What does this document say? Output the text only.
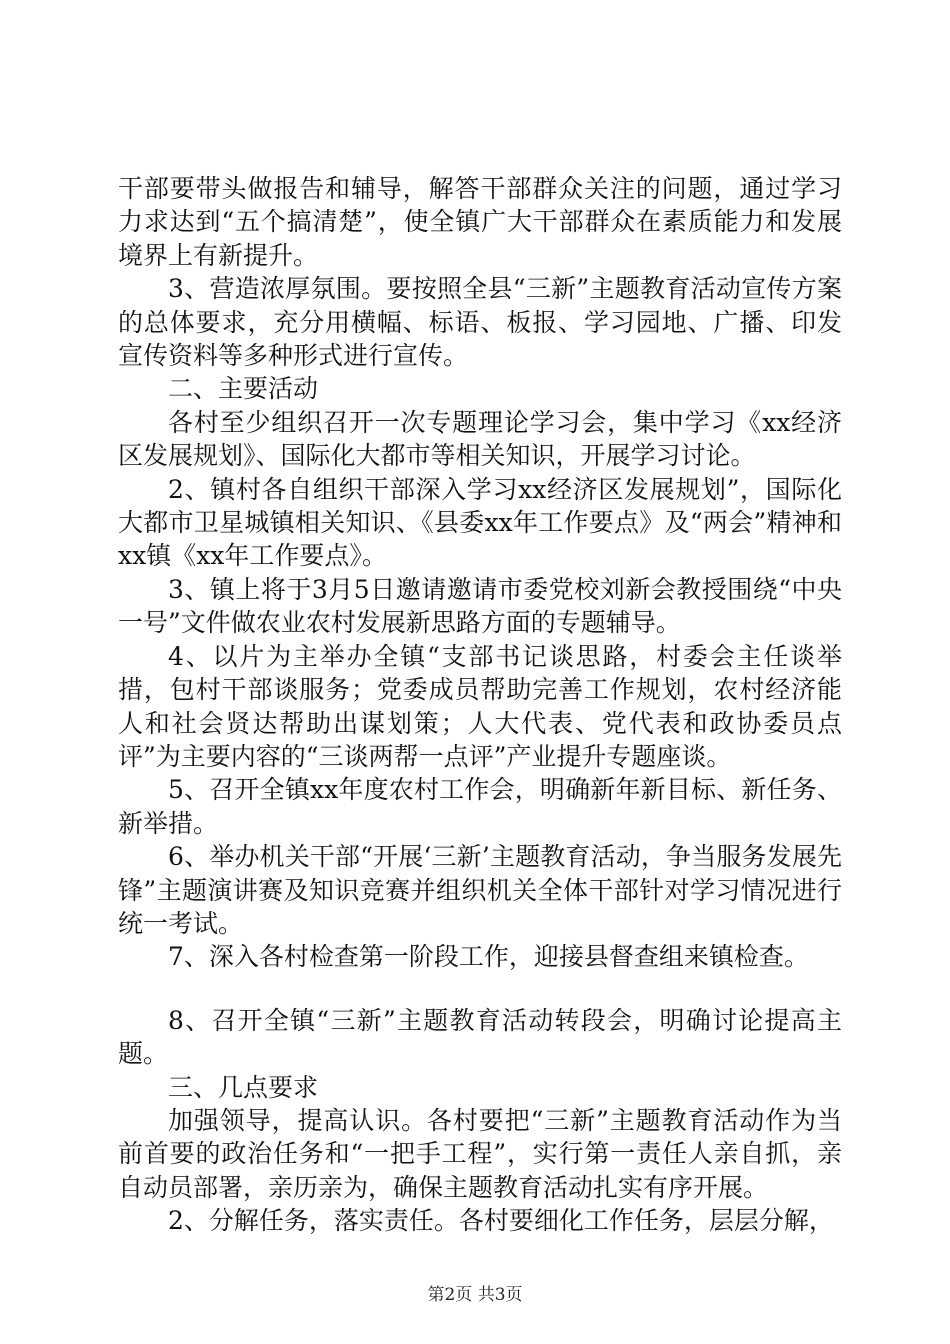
干部要带头做报告和辅导，解答干部群众关注的问题，通过学习力求达到“五个搞清楚”，使全镇广大干部群众在素质能力和发展境界上有新提升。

3、营造浓厚氛围。要按照全县“三新”主题教育活动宣传方案的总体要求，充分用横幅、标语、板报、学习园地、广播、印发宣传资料等多种形式进行宣传。

二、主要活动

各村至少组织召开一次专题理论学习会，集中学习《xx经济区发展规划》、国际化大都市等相关知识，开展学习讨论。

2、镇村各自组织干部深入学习xx经济区发展规划”，国际化大都市卫星城镇相关知识、《县委xx年工作要点》及“两会”精神和xx镇《xx年工作要点》。

3、镇上将于3月5日邀请邀请市委党校刘新会教授围绕“中央一号”文件做农业农村发展新思路方面的专题辅导。

4、以片为主举办全镇“支部书记谈思路，村委会主任谈举措，包村干部谈服务；党委成员帮助完善工作规划，农村经济能人和社会贤达帮助出谋划策；人大代表、党代表和政协委员点评”为主要内容的“三谈两帮一点评”产业提升专题座谈。

5、召开全镇xx年度农村工作会，明确新年新目标、新任务、新举措。

6、举办机关干部“开展‘三新’主题教育活动，争当服务发展先锋”主题演讲赛及知识竞赛并组织机关全体干部针对学习情况进行统一考试。

7、深入各村检查第一阶段工作，迎接县督查组来镇检查。

8、召开全镇“三新”主题教育活动转段会，明确讨论提高主题。

三、几点要求

加强领导，提高认识。各村要把“三新”主题教育活动作为当前首要的政治任务和“一把手工程”，实行第一责任人亲自抓，亲自动员部署，亲历亲为，确保主题教育活动扎实有序开展。

2、分解任务，落实责任。各村要细化工作任务，层层分解，

第2页 共3页
